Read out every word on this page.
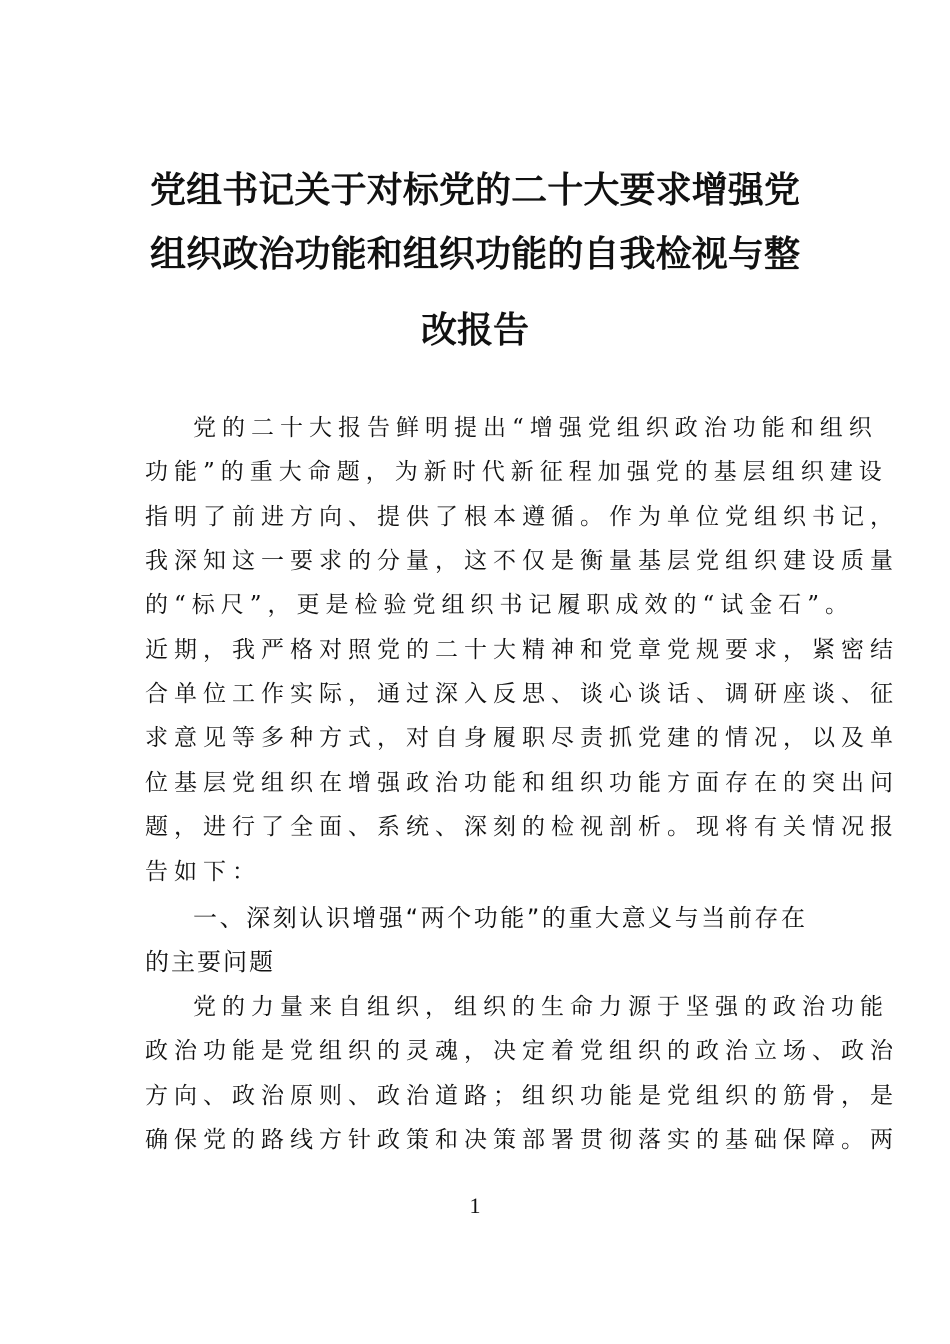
党组书记关于对标党的二十大要求增强党
组织政治功能和组织功能的自我检视与整
改报告
党的二十大报告鲜明提出“增强党组织政治功能和组织
功能”的重大命题，为新时代新征程加强党的基层组织建设
指明了前进方向、提供了根本遵循。作为单位党组织书记，
我深知这一要求的分量，这不仅是衡量基层党组织建设质量
的“标尺”，更是检验党组织书记履职成效的“试金石”。
近期，我严格对照党的二十大精神和党章党规要求，紧密结
合单位工作实际，通过深入反思、谈心谈话、调研座谈、征
求意见等多种方式，对自身履职尽责抓党建的情况，以及单
位基层党组织在增强政治功能和组织功能方面存在的突出问
题，进行了全面、系统、深刻的检视剖析。现将有关情况报
告如下：
一、深刻认识增强“两个功能”的重大意义与当前存在
的主要问题
党的力量来自组织，组织的生命力源于坚强的政治功能
政治功能是党组织的灵魂，决定着党组织的政治立场、政治
方向、政治原则、政治道路；组织功能是党组织的筋骨，是
确保党的路线方针政策和决策部署贯彻落实的基础保障。两
1
